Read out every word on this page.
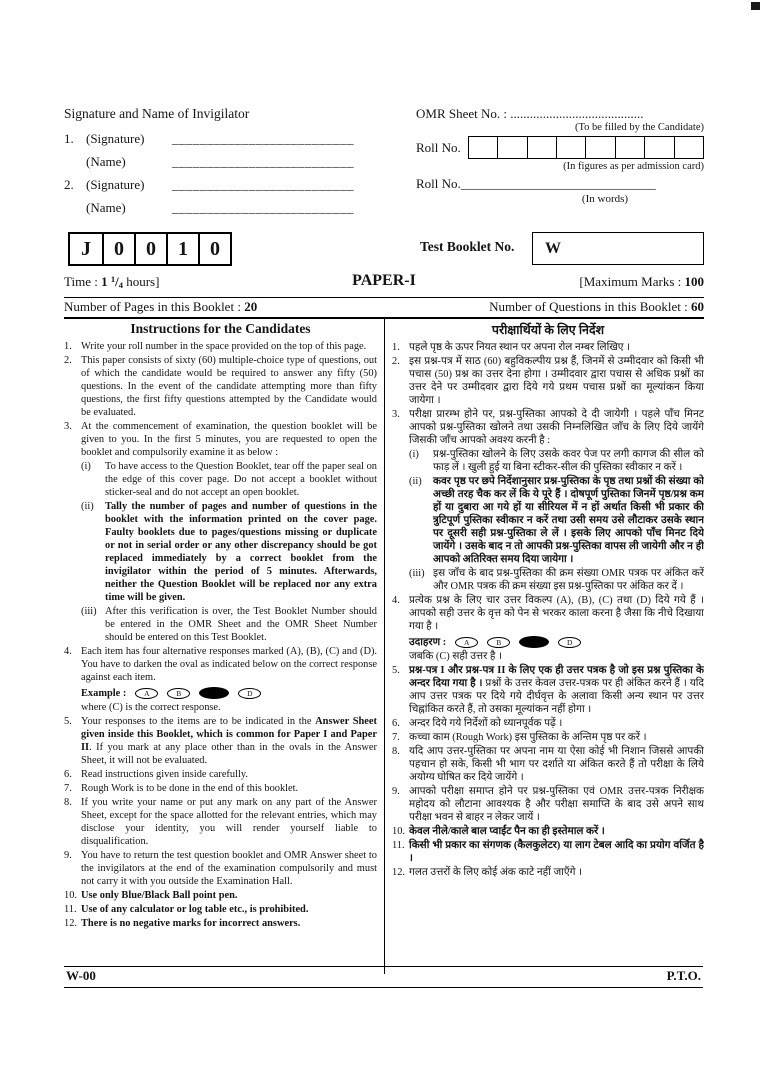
Signature and Name of Invigilator
1. (Signature)	__________________________
(Name)	__________________________
2. (Signature)	__________________________
(Name)	__________________________
OMR Sheet No. : .........................................
(To be filled by the Candidate)
Roll No.
(In figures as per admission card)
Roll No.______________________________
(In words)
J	0	0	1	0	Test Booklet No. W
Time : 1 $^1/_4$ hours]	PAPER-I	[Maximum Marks : 100
Number of Pages in this Booklet : 20	Number of Questions in this Booklet : 60
Instructions for the Candidates
1. Write your roll number in the space provided on the top of this page.
2. This paper consists of sixty (60) multiple-choice type of questions, out of which the candidate would be required to answer any fifty (50) questions. In the event of the candidate attempting more than fifty questions, the first fifty questions attempted by the Candidate would be evaluated.
3. At the commencement of examination, the question booklet will be given to you. In the first 5 minutes, you are requested to open the booklet and compulsorily examine it as below :
(i)	To have access to the Question Booklet, tear off the paper seal on the edge of this cover page. Do not accept a booklet without sticker-seal and do not accept an open booklet.
(ii)	Tally the number of pages and number of questions in the booklet with the information printed on the cover page. Faulty booklets due to pages/questions missing or duplicate or not in serial order or any other discrepancy should be got replaced immediately by a correct booklet from the invigilator within the period of 5 minutes. Afterwards, neither the Question Booklet will be replaced nor any extra time will be given.
(iii) After this verification is over, the Test Booklet Number should be entered in the OMR Sheet and the OMR Sheet Number should be entered on this Test Booklet.
4. Each item has four alternative responses marked (A), (B), (C) and (D). You have to darken the oval as indicated below on the correct response against each item.
Example :	A	B	D
where (C) is the correct response.
5. Your responses to the items are to be indicated in the Answer Sheet given inside this Booklet, which is common for Paper I and Paper II. If you mark at any place other than in the ovals in the Answer Sheet, it will not be evaluated.
6. Read instructions given inside carefully.
7. Rough Work is to be done in the end of this booklet.
8. If you write your name or put any mark on any part of the Answer Sheet, except for the space allotted for the relevant entries, which may disclose your identity, you will render yourself liable to disqualification.
9. You have to return the test question booklet and OMR Answer sheet to the invigilators at the end of the examination compulsorily and must not carry it with you outside the Examination Hall.
10. Use only Blue/Black Ball point pen.
11. Use of any calculator or log table etc., is prohibited.
12. There is no negative marks for incorrect answers.
परीक्षार्थियों के लिए निर्देश
1. पहले पृष्ठ के ऊपर नियत स्थान पर अपना रोल नम्बर लिखिए ।
2. इस प्रश्न-पत्र में साठ (60) बहुविकल्पीय प्रश्न हैं, जिनमें से उम्मीदवार को किसी भी पचास (50) प्रश्न का उत्तर देना होगा । उम्मीदवार द्वारा पचास से अधिक प्रश्नों का उत्तर देने पर उम्मीदवार द्वारा दिये गये प्रथम पचास प्रश्नों का मूल्यांकन किया जायेगा ।
3. परीक्षा प्रारम्भ होने पर, प्रश्न-पुस्तिका आपको दे दी जायेगी । पहले पाँच मिनट आपको प्रश्न-पुस्तिका खोलने तथा उसकी निम्नलिखित जाँच के लिए दिये जायेंगे जिसकी जाँच आपको अवश्य करनी है :
(i)	प्रश्न-पुस्तिका खोलने के लिए उसके कवर पेज पर लगी कागज की सील को फाड़ लें । खुली हुई या बिना स्टीकर-सील की पुस्तिका स्वीकार न करें ।
(ii)	कवर पृष्ठ पर छपे निर्देशानुसार प्रश्न-पुस्तिका के पृष्ठ तथा प्रश्नों की संख्या को अच्छी तरह चैक कर लें कि ये पूरे हैं । दोषपूर्ण पुस्तिका जिनमें पृष्ठ/प्रश्न कम हों या दुबारा आ गये हों या सीरियल में न हों अर्थात किसी भी प्रकार की त्रुटिपूर्ण पुस्तिका स्वीकार न करें तथा उसी समय उसे लौटाकर उसके स्थान पर दूसरी सही प्रश्न-पुस्तिका ले लें । इसके लिए आपको पाँच मिनट दिये जायेंगे । उसके बाद न तो आपकी प्रश्न-पुस्तिका वापस ली जायेगी और न ही आपको अतिरिक्त समय दिया जायेगा ।
(iii) इस जाँच के बाद प्रश्न-पुस्तिका की क्रम संख्या OMR पत्रक पर अंकित करें और OMR पत्रक की क्रम संख्या इस प्रश्न-पुस्तिका पर अंकित कर दें ।
4. प्रत्येक प्रश्न के लिए चार उत्तर विकल्प (A), (B), (C) तथा (D) दिये गये हैं । आपको सही उत्तर के वृत्त को पेन से भरकर काला करना है जैसा कि नीचे दिखाया गया है ।
उदाहरण :	A	B	D
जबकि (C) सही उत्तर है ।
5. प्रश्न-पत्र I और प्रश्न-पत्र II के लिए एक ही उत्तर पत्रक है जो इस प्रश्न पुस्तिका के अन्दर दिया गया है । प्रश्नों के उत्तर केवल उत्तर-पत्रक पर ही अंकित करने हैं । यदि आप उत्तर पत्रक पर दिये गये दीर्घवृत्त के अलावा किसी अन्य स्थान पर उत्तर चिह्नांकित करते हैं, तो उसका मूल्यांकन नहीं होगा ।
6. अन्दर दिये गये निर्देशों को ध्यानपूर्वक पढ़ें ।
7. कच्चा काम (Rough Work) इस पुस्तिका के अन्तिम पृष्ठ पर करें ।
8. यदि आप उत्तर-पुस्तिका पर अपना नाम या ऐसा कोई भी निशान जिससे आपकी पहचान हो सके, किसी भी भाग पर दर्शाते या अंकित करते हैं तो परीक्षा के लिये अयोग्य घोषित कर दिये जायेंगे ।
9. आपको परीक्षा समाप्त होने पर प्रश्न-पुस्तिका एवं OMR उत्तर-पत्रक निरीक्षक महोदय को लौटाना आवश्यक है और परीक्षा समाप्ति के बाद उसे अपने साथ परीक्षा भवन से बाहर न लेकर जायें ।
10. केवल नीले/काले बाल प्वाईंट पैन का ही इस्तेमाल करें ।
11. किसी भी प्रकार का संगणक (कैलकुलेटर) या लाग टेबल आदि का प्रयोग वर्जित है ।
12. गलत उत्तरों के लिए कोई अंक काटे नहीं जाएँगे ।
W-00	P.T.O.
